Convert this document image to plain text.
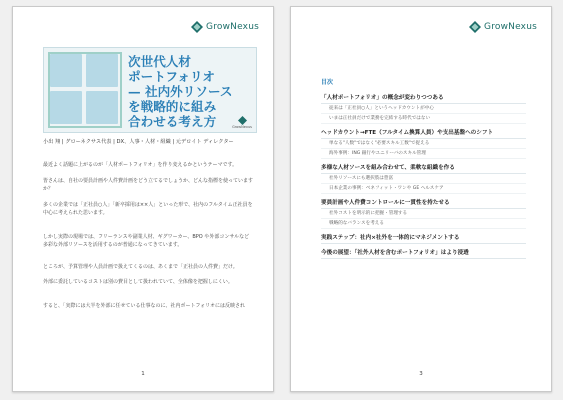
GrowNexus
次世代人材
ポートフォリオ
— 社内外リソース
を戦略的に組み
合わせる考え方	GrowNexus
小出 翔 | グローネクサス代表 | DX、人事・人材・組織 | 元デロイト ディレクター
最近よく話題に上がるのが「人材ポートフォリオ」を作り変えるかというテーマです。
皆さんは、自社の要員計画や人件費計画をどう立てるでしょうか、どんな指標を使っていますか？
多くの企業では「正社員○人」「新卒採用は××人」といった形で、社内のフルタイム正社員を中心に考えられた思います。
しかし実際の現場では、フリーランスや副業人材、ギグワーカー、BPO や外部コンサルなど多彩な外部リソースを活用するのが普通になってきています。
ところが、予算管理や人員計画で扱えてくるのは、あくまで「正社員の人件費」だけ。
外部に委託しているコストは別の費目として扱われていて、全体像を把握しにくい。
すると、「実際には大半を外部に任せている仕事なのに、社内ポートフォリオには反映され
1
GrowNexus
目次
「人材ポートフォリオ」の概念が変わりつつある
従来は「正社員○人」というヘッドカウントが中心
いまは正社員だけで業務を完結する時代ではない
ヘッドカウント→FTE（フルタイム換算人員）や支出基盤へのシフト
単なる"人数"ではなく"必要スキル工数"で捉える
海外事例：ING 銀行やユニリーバのスキル管理
多様な人材ソースを組み合わせて、柔軟な組織を作る
社外リソースにも選択肢は豊富
日本企業の事例：ベネフィット・ワンや GE ヘルスケア
要員計画や人件費コントロールに一貫性を持たせる
社外コストを明示的に把握・管理する
戦略的なバランスを考える
実践ステップ：社内×社外を一体的にマネジメントする
今後の展望：「社外人材を含むポートフォリオ」はより浸透
3
